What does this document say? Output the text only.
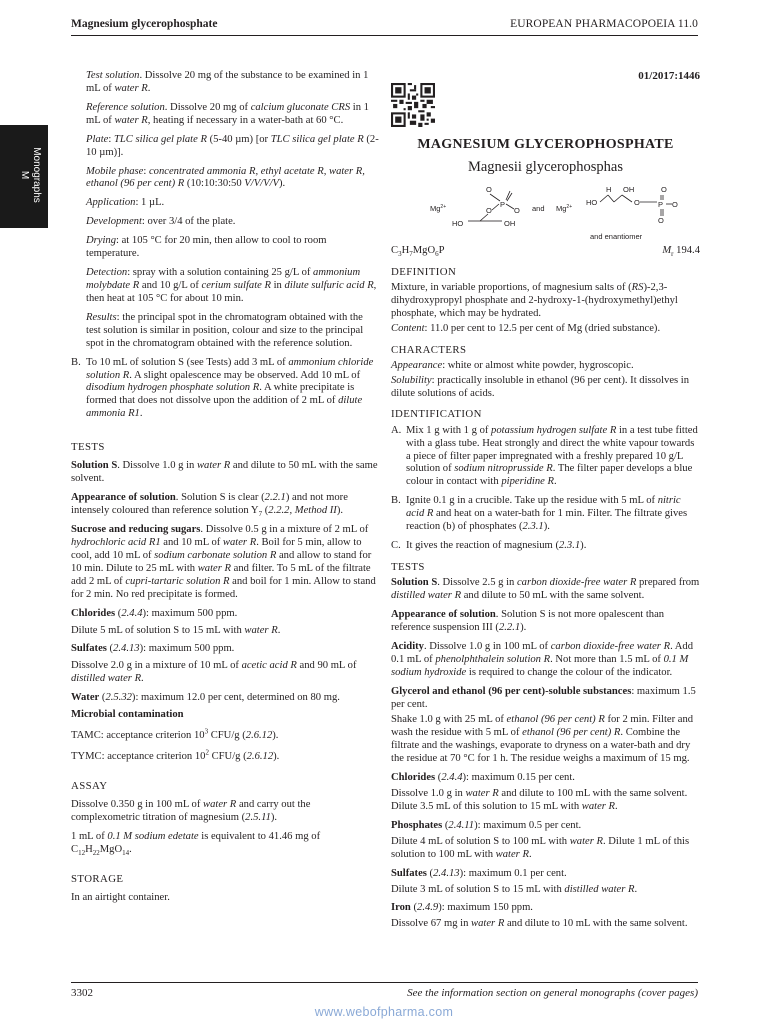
Magnesium glycerophosphate	EUROPEAN PHARMACOPOEIA 11.0
Monographs
M

Test solution. Dissolve 20 mg of the substance to be examined in 1 mL of water R.

Reference solution. Dissolve 20 mg of calcium gluconate CRS in 1 mL of water R, heating if necessary in a water-bath at 60 °C.

Plate: TLC silica gel plate R (5-40 µm) [or TLC silica gel plate R (2-10 µm)].

Mobile phase: concentrated ammonia R, ethyl acetate R, water R, ethanol (96 per cent) R (10:10:30:50 V/V/V/V).

Application: 1 µL.

Development: over 3/4 of the plate.

Drying: at 105 °C for 20 min, then allow to cool to room temperature.

Detection: spray with a solution containing 25 g/L of ammonium molybdate R and 10 g/L of cerium sulfate R in dilute sulfuric acid R, then heat at 105 °C for about 10 min.

Results: the principal spot in the chromatogram obtained with the test solution is similar in position, colour and size to the principal spot in the chromatogram obtained with the reference solution.

B. To 10 mL of solution S (see Tests) add 3 mL of ammonium chloride solution R. A slight opalescence may be observed. Add 10 mL of disodium hydrogen phosphate solution R. A white precipitate is formed that does not dissolve upon the addition of 2 mL of dilute ammonia R1.
TESTS

Solution S. Dissolve 1.0 g in water R and dilute to 50 mL with the same solvent.

Appearance of solution. Solution S is clear (2.2.1) and not more intensely coloured than reference solution $Y_7$ (2.2.2, Method II).

Sucrose and reducing sugars. Dissolve 0.5 g in a mixture of 2 mL of hydrochloric acid R1 and 10 mL of water R. Boil for 5 min, allow to cool, add 10 mL of sodium carbonate solution R and allow to stand for 10 min. Dilute to 25 mL with water R and filter. To 5 mL of the filtrate add 2 mL of cupri-tartaric solution R and boil for 1 min. Allow to stand for 2 min. No red precipitate is formed.

Chlorides (2.4.4): maximum 500 ppm.

Dilute 5 mL of solution S to 15 mL with water R.

Sulfates (2.4.13): maximum 500 ppm.

Dissolve 2.0 g in a mixture of 10 mL of acetic acid R and 90 mL of distilled water R.

Water (2.5.32): maximum 12.0 per cent, determined on 80 mg.

Microbial contamination

TAMC: acceptance criterion $10^3$ CFU/g (2.6.12).

TYMC: acceptance criterion $10^2$ CFU/g (2.6.12).

ASSAY

Dissolve 0.350 g in 100 mL of water R and carry out the complexometric titration of magnesium (2.5.11).

1 mL of 0.1 M sodium edetate is equivalent to 41.46 mg of $C_{12}H_{22}MgO_{14}$.

STORAGE

In an airtight container.

01/2017:1446
MAGNESIUM GLYCEROPHOSPHATE
Magnesii glycerophosphas
$Mg^{2+}$
O
P
O
O
HO	OH
and $Mg^{2+}$
H OH	O
P O
O
O
HO
and enantiomer
$C_3H_7MgO_6P$	$M_r$ 194.4
DEFINITION

Mixture, in variable proportions, of magnesium salts of (RS)-2,3-dihydroxypropyl phosphate and 2-hydroxy-1-(hydroxymethyl)ethyl phosphate, which may be hydrated.

Content: 11.0 per cent to 12.5 per cent of Mg (dried substance).

CHARACTERS

Appearance: white or almost white powder, hygroscopic.

Solubility: practically insoluble in ethanol (96 per cent). It dissolves in dilute solutions of acids.

IDENTIFICATION
A. Mix 1 g with 1 g of potassium hydrogen sulfate R in a test tube fitted with a glass tube. Heat strongly and direct the white vapour towards a piece of filter paper impregnated with a freshly prepared 10 g/L solution of sodium nitroprusside R. The filter paper develops a blue colour in contact with piperidine R.
B. Ignite 0.1 g in a crucible. Take up the residue with 5 mL of nitric acid R and heat on a water-bath for 1 min. Filter. The filtrate gives reaction (b) of phosphates (2.3.1).
C. It gives the reaction of magnesium (2.3.1).
TESTS

Solution S. Dissolve 2.5 g in carbon dioxide-free water R prepared from distilled water R and dilute to 50 mL with the same solvent.

Appearance of solution. Solution S is not more opalescent than reference suspension III (2.2.1).

Acidity. Dissolve 1.0 g in 100 mL of carbon dioxide-free water R. Add 0.1 mL of phenolphthalein solution R. Not more than 1.5 mL of 0.1 M sodium hydroxide is required to change the colour of the indicator.

Glycerol and ethanol (96 per cent)-soluble substances: maximum 1.5 per cent.

Shake 1.0 g with 25 mL of ethanol (96 per cent) R for 2 min. Filter and wash the residue with 5 mL of ethanol (96 per cent) R. Combine the filtrate and the washings, evaporate to dryness on a water-bath and dry the residue at 70 °C for 1 h. The residue weighs a maximum of 15 mg.

Chlorides (2.4.4): maximum 0.15 per cent.

Dissolve 1.0 g in water R and dilute to 100 mL with the same solvent. Dilute 3.5 mL of this solution to 15 mL with water R.

Phosphates (2.4.11): maximum 0.5 per cent.

Dilute 4 mL of solution S to 100 mL with water R. Dilute 1 mL of this solution to 100 mL with water R.

Sulfates (2.4.13): maximum 0.1 per cent.

Dilute 3 mL of solution S to 15 mL with distilled water R.

Iron (2.4.9): maximum 150 ppm.

Dissolve 67 mg in water R and dilute to 10 mL with the same solvent.

3302	See the information section on general monographs (cover pages)
www.webofpharma.com
